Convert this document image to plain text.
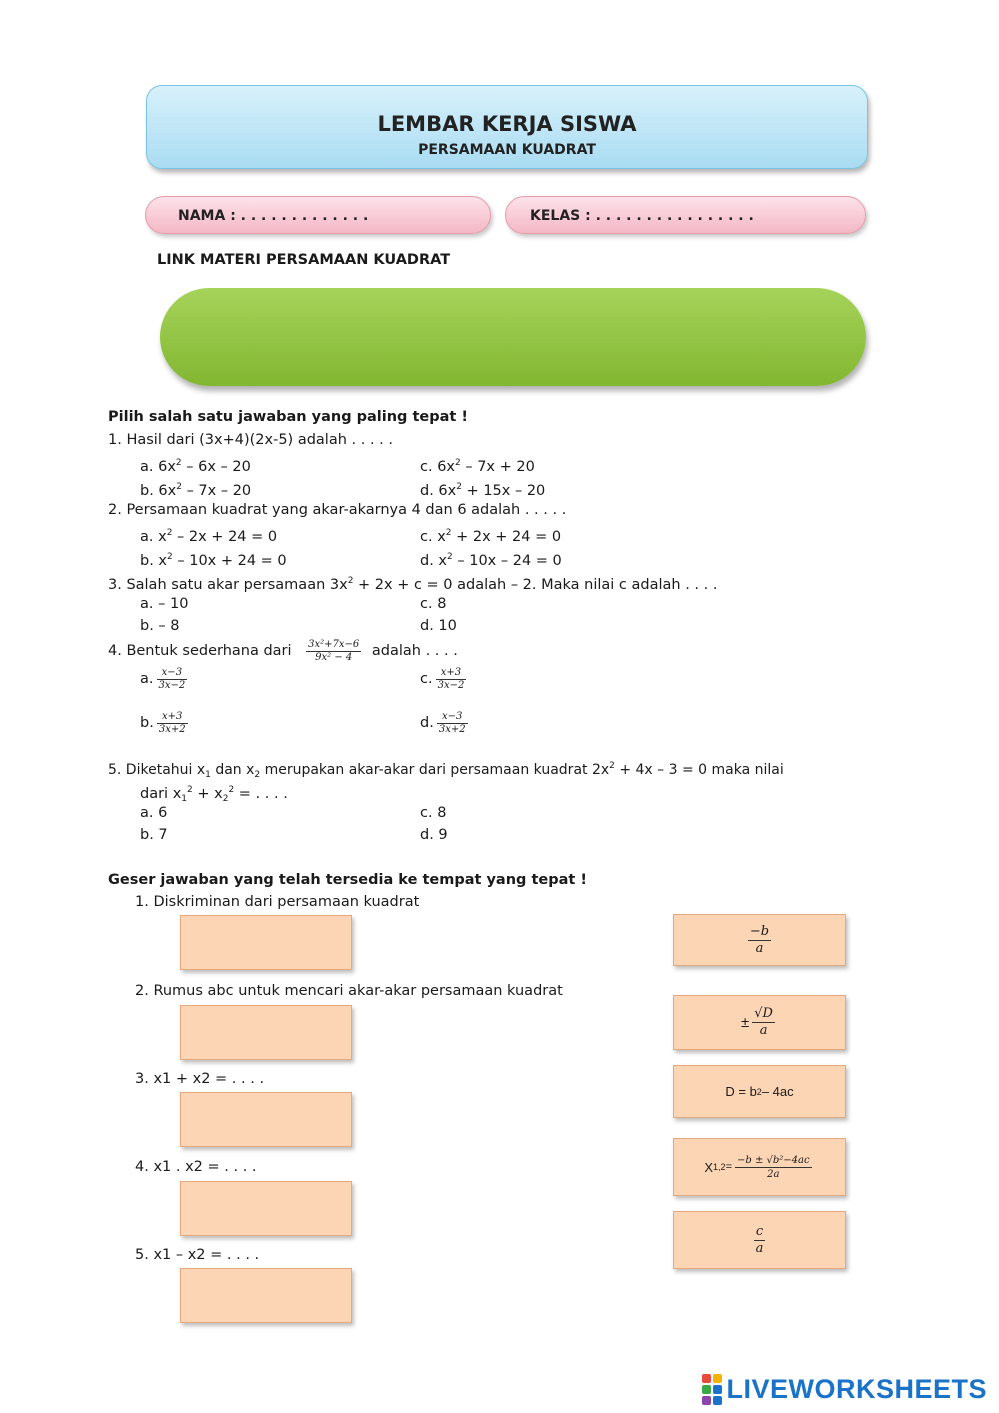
LEMBAR KERJA SISWA
PERSAMAAN KUADRAT
NAMA : . . . . . . . . . . . . .	KELAS : . . . . . . . . . . . . . . . .
LINK MATERI PERSAMAAN KUADRAT
Pilih salah satu jawaban yang paling tepat !
1. Hasil dari (3x+4)(2x-5) adalah . . . . .
a. $6x^2 - 6x - 20$	c. $6x^2 - 7x + 20$
b. $6x^2 - 7x - 20$	d. $6x^2 + 15x - 20$
2. Persamaan kuadrat yang akar-akarnya 4 dan 6 adalah . . . . .
a. $x^2 - 2x + 24 = 0$	c. $x^2 + 2x + 24 = 0$
b. $x^2 - 10x + 24 = 0$	d. $x^2 - 10x - 24 = 0$
3. Salah satu akar persamaan $3x^2 + 2x + c = 0$ adalah – 2. Maka nilai c adalah . . . .
a. – 10	c. 8
b. – 8	d. 10
4. Bentuk sederhana dari $\frac{\text{3x²+7x−6}}{\text{9x² − 4}}$ adalah . . . .
a. $\frac{x-3}{3x-2}$	c. $\frac{x+3}{3x-2}$
b. $\frac{x+3}{3x+2}$	d. $\frac{x-3}{3x+2}$
5. Diketahui $x_1$ dan $x_2$ merupakan akar-akar dari persamaan kuadrat $2x^2 + 4x - 3 = 0$ maka nilai
dari $x_1^2 + x_2^2$ = . . . .
a. 6	c. 8
b. 7	d. 9
Geser jawaban yang telah tersedia ke tempat yang tepat !
1. Diskriminan dari persamaan kuadrat
2. Rumus abc untuk mencari akar-akar persamaan kuadrat
3. x1 + x2 = . . . .
4. x1 . x2 = . . . .
5. x1 – x2 = . . . .
$\frac{-b}{a}$
± $\frac{√D}{a}$
D = b 2 – 4ac
X $1,2 = \frac{\text{−b ± √b²−4ac}}{2a}$
$\frac{c}{a}$
LIVEWORKSHEETS
